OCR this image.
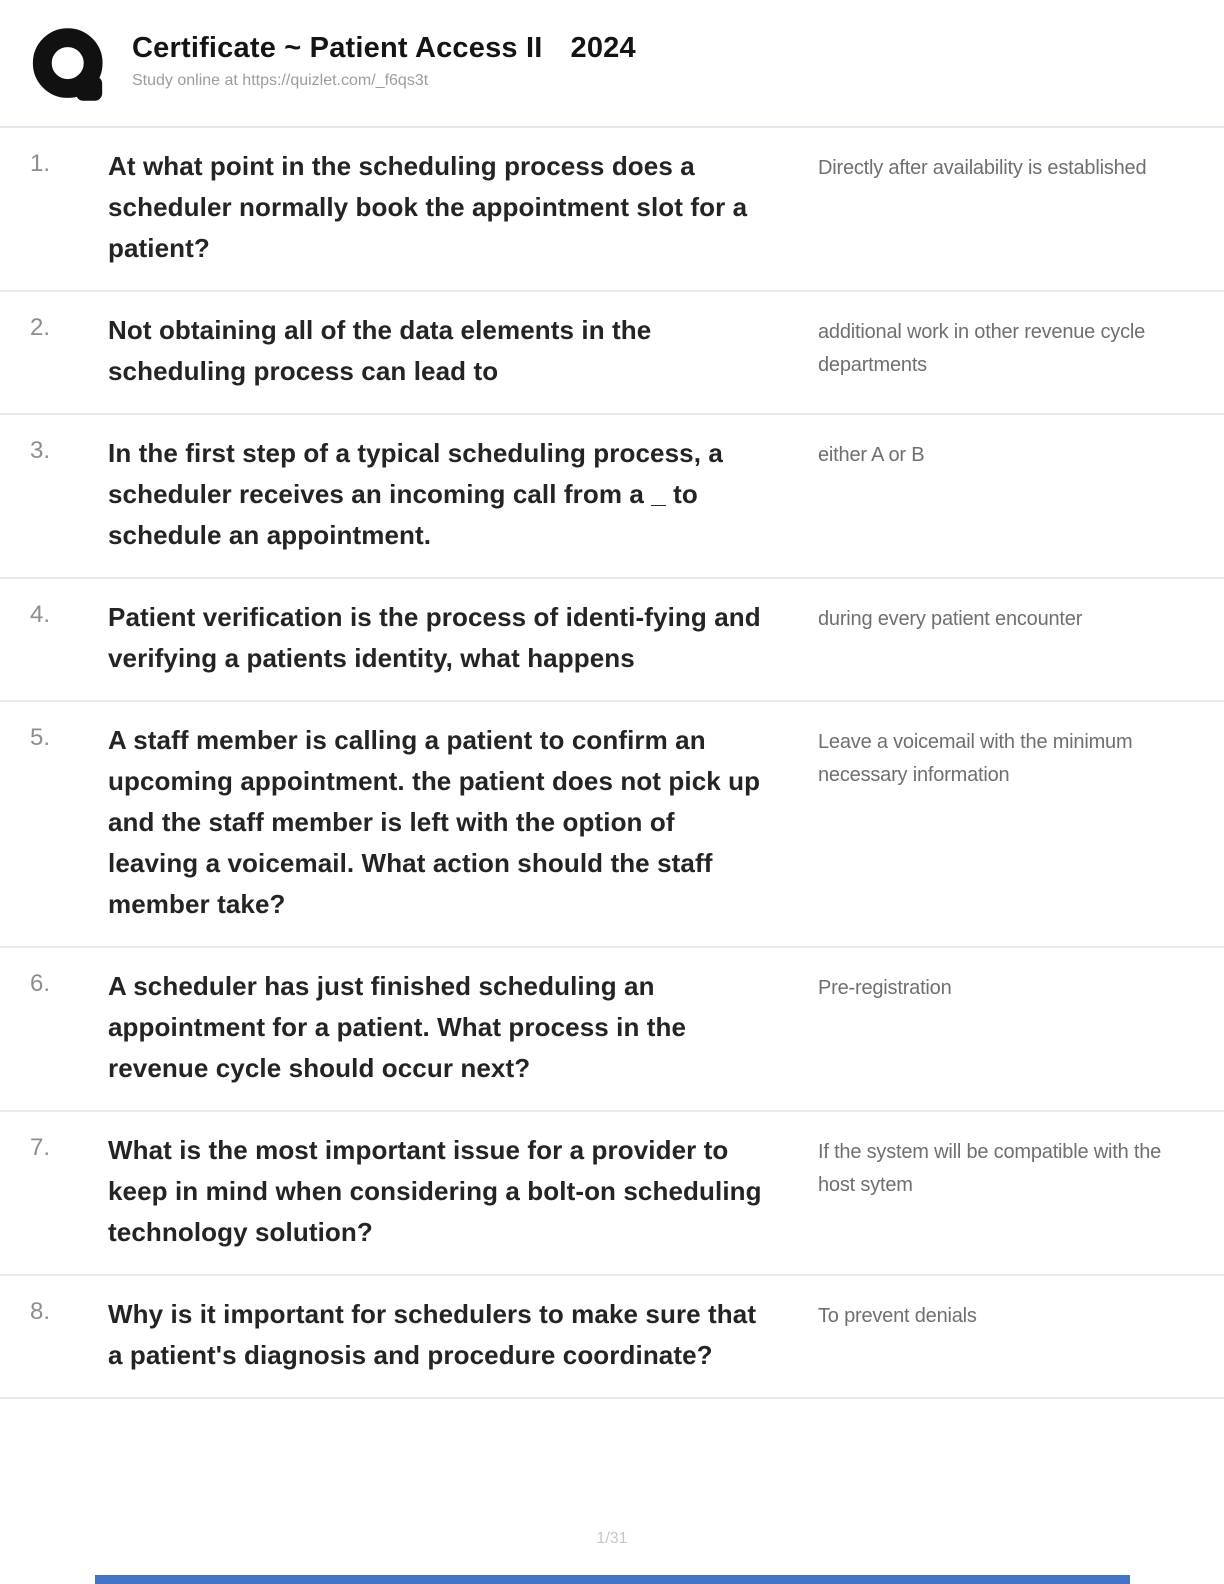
Certificate ~ Patient Access II 2024
Study online at https://quizlet.com/_f6qs3t
1.	At what point in the scheduling process does a scheduler normally book the appointment slot for a patient?
Directly after availability is established
2.	Not obtaining all of the data elements in the scheduling process can lead to
additional work in other revenue cycle departments
3.	In the first step of a typical scheduling process, a scheduler receives an incoming call from a _ to schedule an appointment.
either A or B
4.	Patient verification is the process of identi-fying and verifying a patients identity, what happens
during every patient encounter
5.	A staff member is calling a patient to confirm an upcoming appointment. the patient does not pick up and the staff member is left with the option of leaving a voicemail. What action should the staff member take?
Leave a voicemail with the minimum necessary information
6.	A scheduler has just finished scheduling an appointment for a patient. What process in the revenue cycle should occur next?
Pre-registration
7.	What is the most important issue for a provider to keep in mind when considering a bolt-on scheduling technology solution?
If the system will be compatible with the host sytem
8.	Why is it important for schedulers to make sure that a patient's diagnosis and procedure coordinate?
To prevent denials
1/31
